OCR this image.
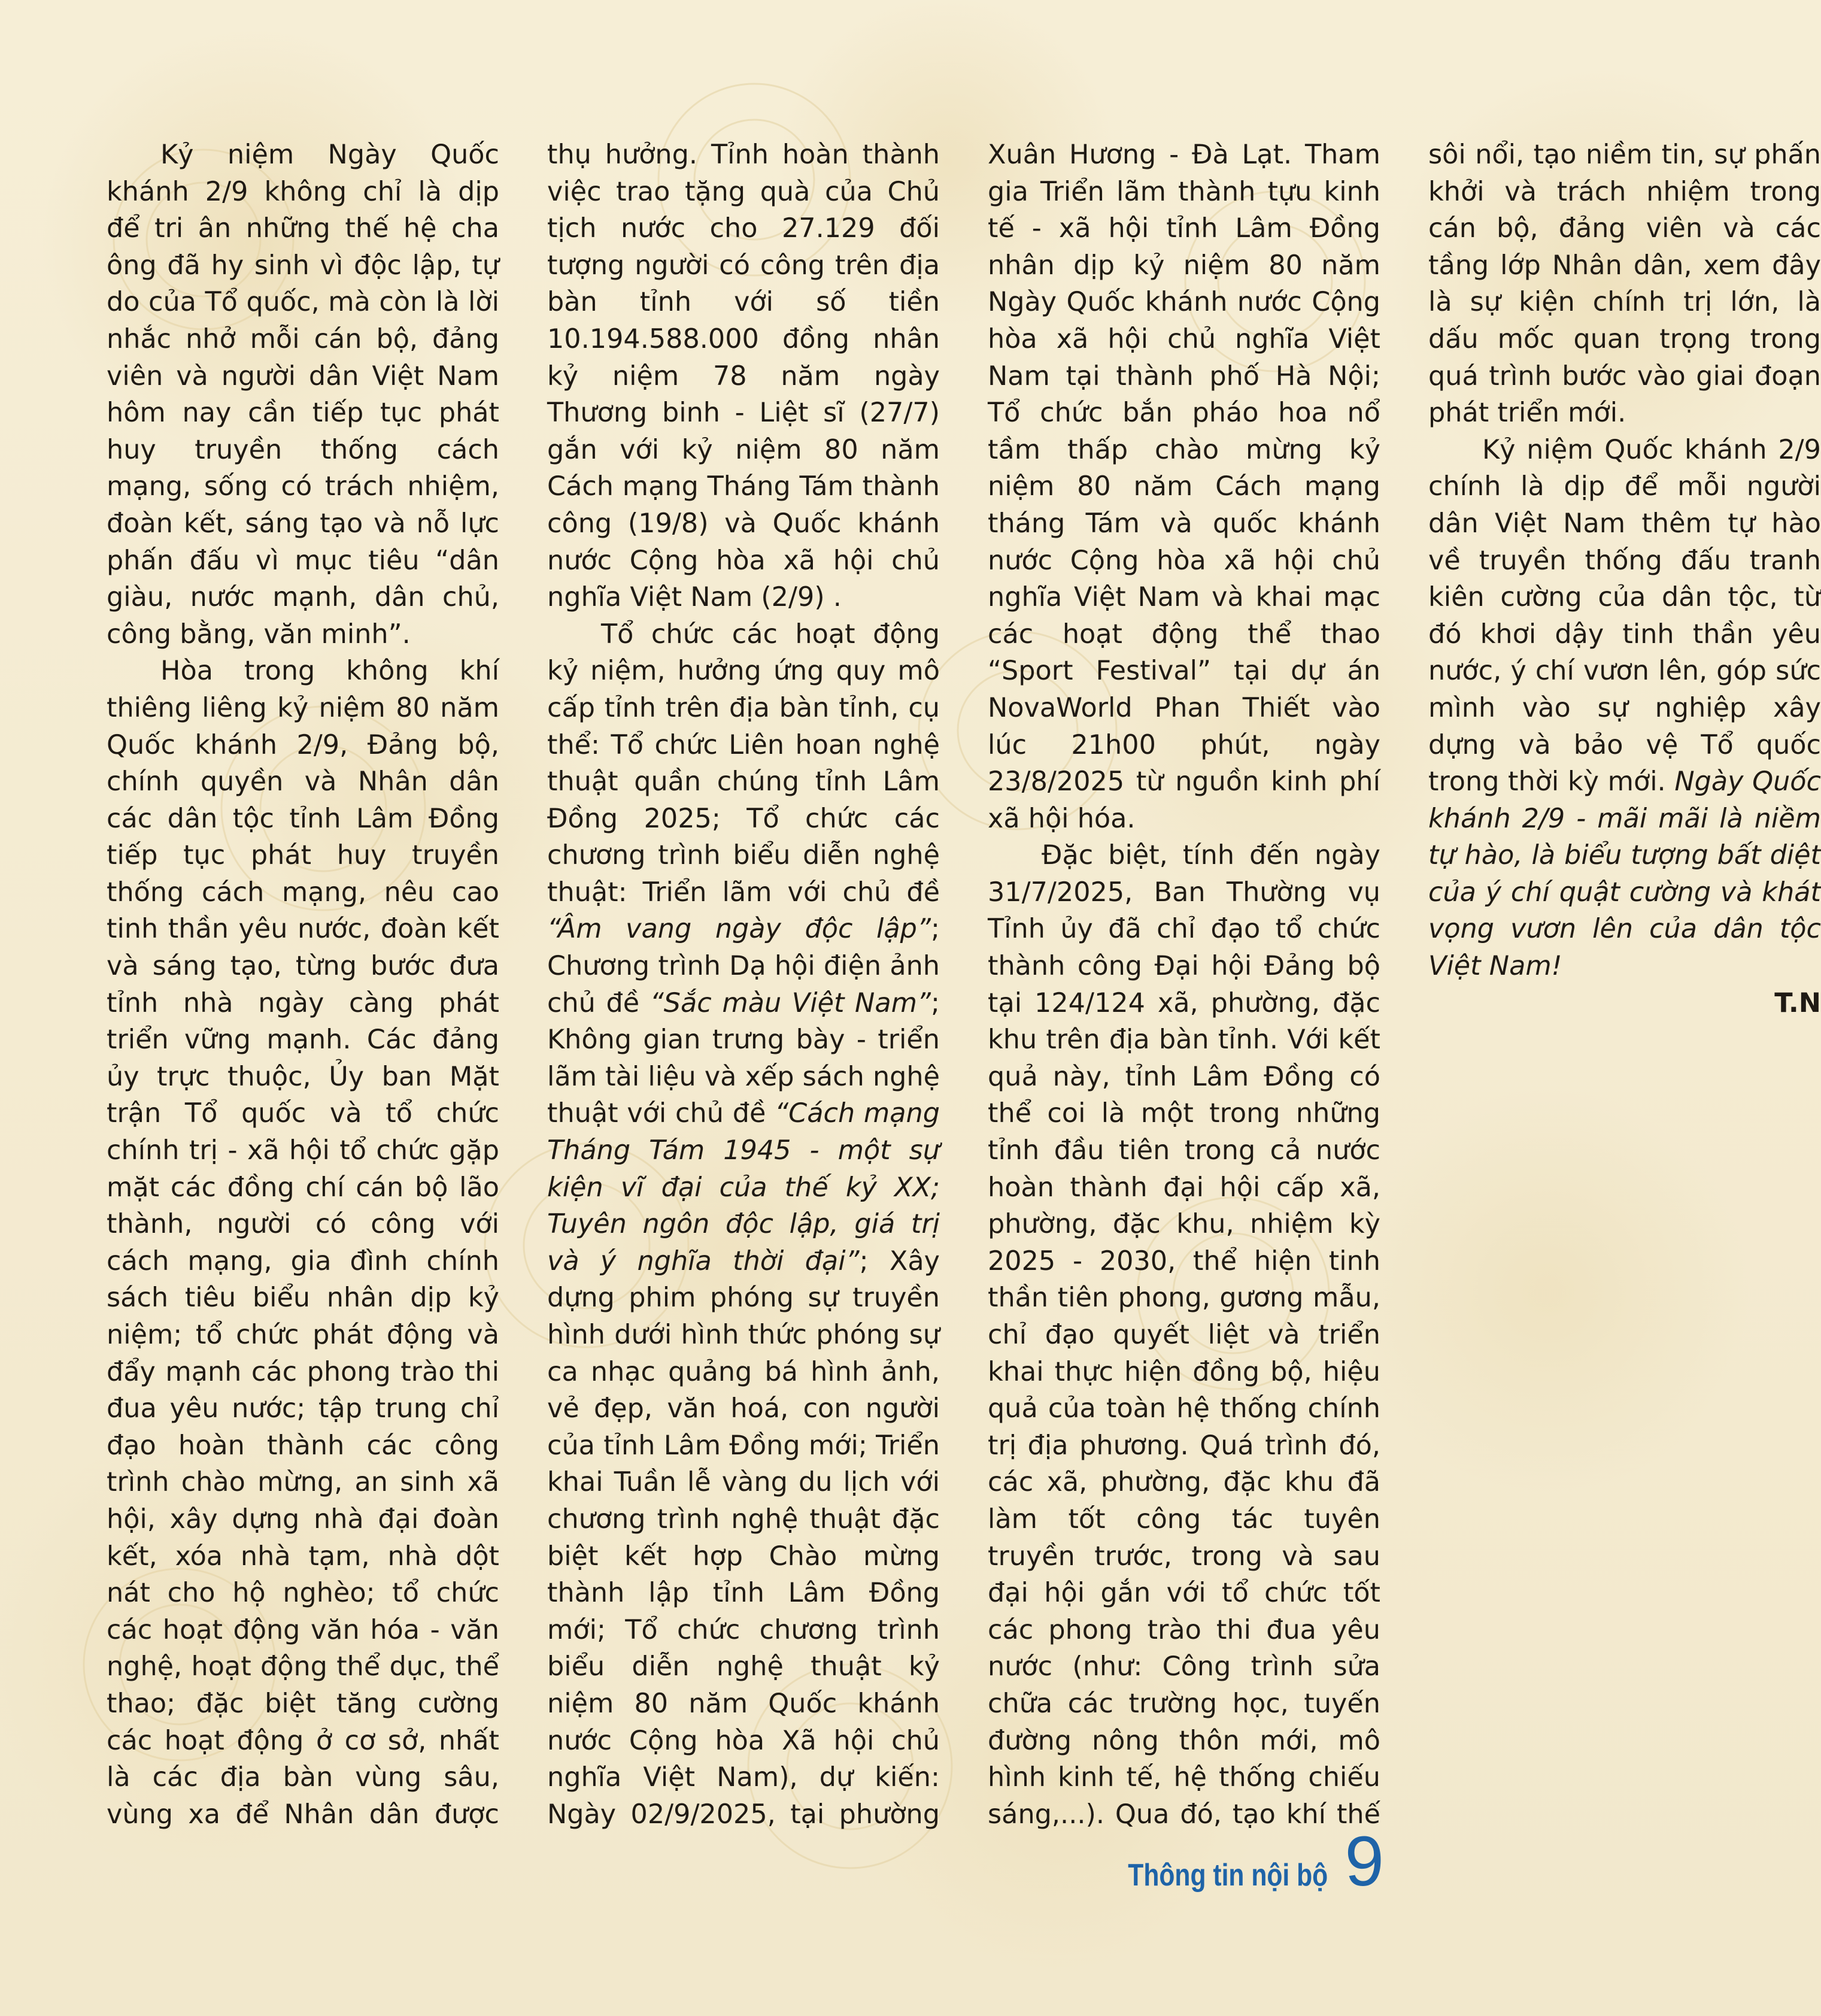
Kỷ niệm Ngày Quốc khánh 2/9 không chỉ là dịp để tri ân những thế hệ cha ông đã hy sinh vì độc lập, tự do của Tổ quốc, mà còn là lời nhắc nhở mỗi cán bộ, đảng viên và người dân Việt Nam hôm nay cần tiếp tục phát huy truyền thống cách mạng, sống có trách nhiệm, đoàn kết, sáng tạo và nỗ lực phấn đấu vì mục tiêu “dân giàu, nước mạnh, dân chủ, công bằng, văn minh”.

Hòa trong không khí thiêng liêng kỷ niệm 80 năm Quốc khánh 2/9, Đảng bộ, chính quyền và Nhân dân các dân tộc tỉnh Lâm Đồng tiếp tục phát huy truyền thống cách mạng, nêu cao tinh thần yêu nước, đoàn kết và sáng tạo, từng bước đưa tỉnh nhà ngày càng phát triển vững mạnh. Các đảng ủy trực thuộc, Ủy ban Mặt trận Tổ quốc và tổ chức chính trị - xã hội tổ chức gặp mặt các đồng chí cán bộ lão thành, người có công với cách mạng, gia đình chính sách tiêu biểu nhân dịp kỷ niệm; tổ chức phát động và đẩy mạnh các phong trào thi đua yêu nước; tập trung chỉ đạo hoàn thành các công trình chào mừng, an sinh xã hội, xây dựng nhà đại đoàn kết, xóa nhà tạm, nhà dột nát cho hộ nghèo; tổ chức các hoạt động văn hóa - văn nghệ, hoạt động thể dục, thể thao; đặc biệt tăng cường các hoạt động ở cơ sở, nhất là các địa bàn vùng sâu, vùng xa để Nhân dân được thụ hưởng. Tỉnh hoàn thành việc trao tặng quà của Chủ tịch nước cho 27.129 đối tượng người có công trên địa bàn tỉnh với số tiền 10.194.588.000 đồng nhân kỷ niệm 78 năm ngày Thương binh - Liệt sĩ (27/7) gắn với kỷ niệm 80 năm Cách mạng Tháng Tám thành công (19/8) và Quốc khánh nước Cộng hòa xã hội chủ nghĩa Việt Nam (2/9) .

Tổ chức các hoạt động kỷ niệm, hưởng ứng quy mô cấp tỉnh trên địa bàn tỉnh, cụ thể: Tổ chức Liên hoan nghệ thuật quần chúng tỉnh Lâm Đồng 2025; Tổ chức các chương trình biểu diễn nghệ thuật: Triển lãm với chủ đề “Âm vang ngày độc lập”; Chương trình Dạ hội điện ảnh chủ đề “Sắc màu Việt Nam”; Không gian trưng bày - triển lãm tài liệu và xếp sách nghệ thuật với chủ đề “Cách mạng Tháng Tám 1945 - một sự kiện vĩ đại của thế kỷ XX; Tuyên ngôn độc lập, giá trị và ý nghĩa thời đại”; Xây dựng phim phóng sự truyền hình dưới hình thức phóng sự ca nhạc quảng bá hình ảnh, vẻ đẹp, văn hoá, con người của tỉnh Lâm Đồng mới; Triển khai Tuần lễ vàng du lịch với chương trình nghệ thuật đặc biệt kết hợp Chào mừng thành lập tỉnh Lâm Đồng mới; Tổ chức chương trình biểu diễn nghệ thuật kỷ niệm 80 năm Quốc khánh nước Cộng hòa Xã hội chủ nghĩa Việt Nam), dự kiến: Ngày 02/9/2025, tại phường Xuân Hương - Đà Lạt. Tham gia Triển lãm thành tựu kinh tế - xã hội tỉnh Lâm Đồng nhân dịp kỷ niệm 80 năm Ngày Quốc khánh nước Cộng hòa xã hội chủ nghĩa Việt Nam tại thành phố Hà Nội; Tổ chức bắn pháo hoa nổ tầm thấp chào mừng kỷ niệm 80 năm Cách mạng tháng Tám và quốc khánh nước Cộng hòa xã hội chủ nghĩa Việt Nam và khai mạc các hoạt động thể thao “Sport Festival” tại dự án NovaWorld Phan Thiết vào lúc 21h00 phút, ngày 23/8/2025 từ nguồn kinh phí xã hội hóa.

Đặc biệt, tính đến ngày 31/7/2025, Ban Thường vụ Tỉnh ủy đã chỉ đạo tổ chức thành công Đại hội Đảng bộ tại 124/124 xã, phường, đặc khu trên địa bàn tỉnh. Với kết quả này, tỉnh Lâm Đồng có thể coi là một trong những tỉnh đầu tiên trong cả nước hoàn thành đại hội cấp xã, phường, đặc khu, nhiệm kỳ 2025 - 2030, thể hiện tinh thần tiên phong, gương mẫu, chỉ đạo quyết liệt và triển khai thực hiện đồng bộ, hiệu quả của toàn hệ thống chính trị địa phương. Quá trình đó, các xã, phường, đặc khu đã làm tốt công tác tuyên truyền trước, trong và sau đại hội gắn với tổ chức tốt các phong trào thi đua yêu nước (như: Công trình sửa chữa các trường học, tuyến đường nông thôn mới, mô hình kinh tế, hệ thống chiếu sáng,...). Qua đó, tạo khí thế sôi nổi, tạo niềm tin, sự phấn khởi và trách nhiệm trong cán bộ, đảng viên và các tầng lớp Nhân dân, xem đây là sự kiện chính trị lớn, là dấu mốc quan trọng trong quá trình bước vào giai đoạn phát triển mới.

Kỷ niệm Quốc khánh 2/9 chính là dịp để mỗi người dân Việt Nam thêm tự hào về truyền thống đấu tranh kiên cường của dân tộc, từ đó khơi dậy tinh thần yêu nước, ý chí vươn lên, góp sức mình vào sự nghiệp xây dựng và bảo vệ Tổ quốc trong thời kỳ mới. Ngày Quốc khánh 2/9 - mãi mãi là niềm tự hào, là biểu tượng bất diệt của ý chí quật cường và khát vọng vươn lên của dân tộc Việt Nam!

T.N

Thông tin nội bộ 9
